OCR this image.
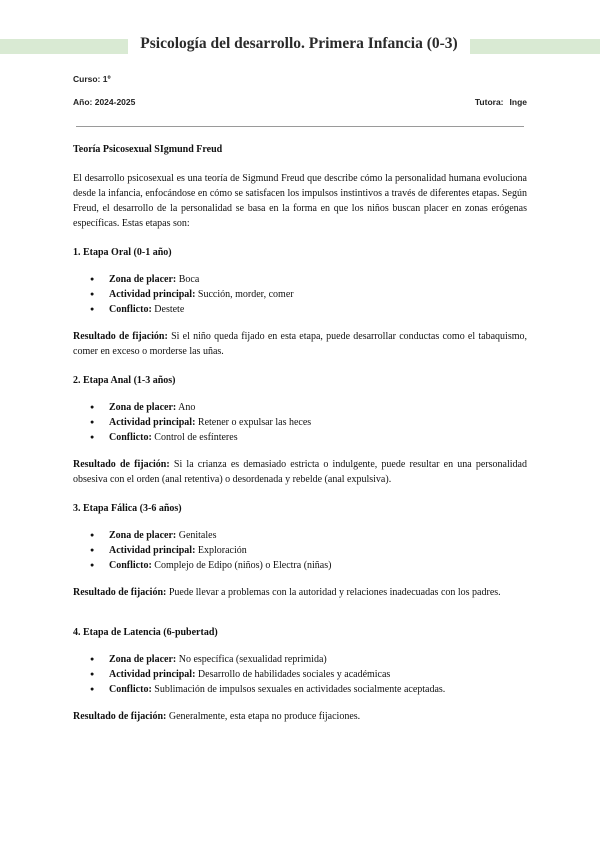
Psicología del desarrollo. Primera Infancia (0-3)
Curso: 1º
Año: 2024-2025	Tutora: Inge

Teoría Psicosexual SIgmund Freud

El desarrollo psicosexual es una teoría de Sigmund Freud que describe cómo la personalidad humana evoluciona desde la infancia, enfocándose en cómo se satisfacen los impulsos instintivos a través de diferentes etapas. Según Freud, el desarrollo de la personalidad se basa en la forma en que los niños buscan placer en zonas erógenas específicas. Estas etapas son:

1. Etapa Oral (0-1 año)

● Zona de placer: Boca
● Actividad principal: Succión, morder, comer
● Conflicto: Destete

Resultado de fijación: Si el niño queda fijado en esta etapa, puede desarrollar conductas como el tabaquismo, comer en exceso o morderse las uñas.

2. Etapa Anal (1-3 años)

● Zona de placer: Ano
● Actividad principal: Retener o expulsar las heces
● Conflicto: Control de esfínteres

Resultado de fijación: Si la crianza es demasiado estricta o indulgente, puede resultar en una personalidad obsesiva con el orden (anal retentiva) o desordenada y rebelde (anal expulsiva).

3. Etapa Fálica (3-6 años)

● Zona de placer: Genitales
● Actividad principal: Exploración
● Conflicto: Complejo de Edipo (niños) o Electra (niñas)

Resultado de fijación: Puede llevar a problemas con la autoridad y relaciones inadecuadas con los padres.

4. Etapa de Latencia (6-pubertad)

● Zona de placer: No específica (sexualidad reprimida)
● Actividad principal: Desarrollo de habilidades sociales y académicas
● Conflicto: Sublimación de impulsos sexuales en actividades socialmente aceptadas.

Resultado de fijación: Generalmente, esta etapa no produce fijaciones.
